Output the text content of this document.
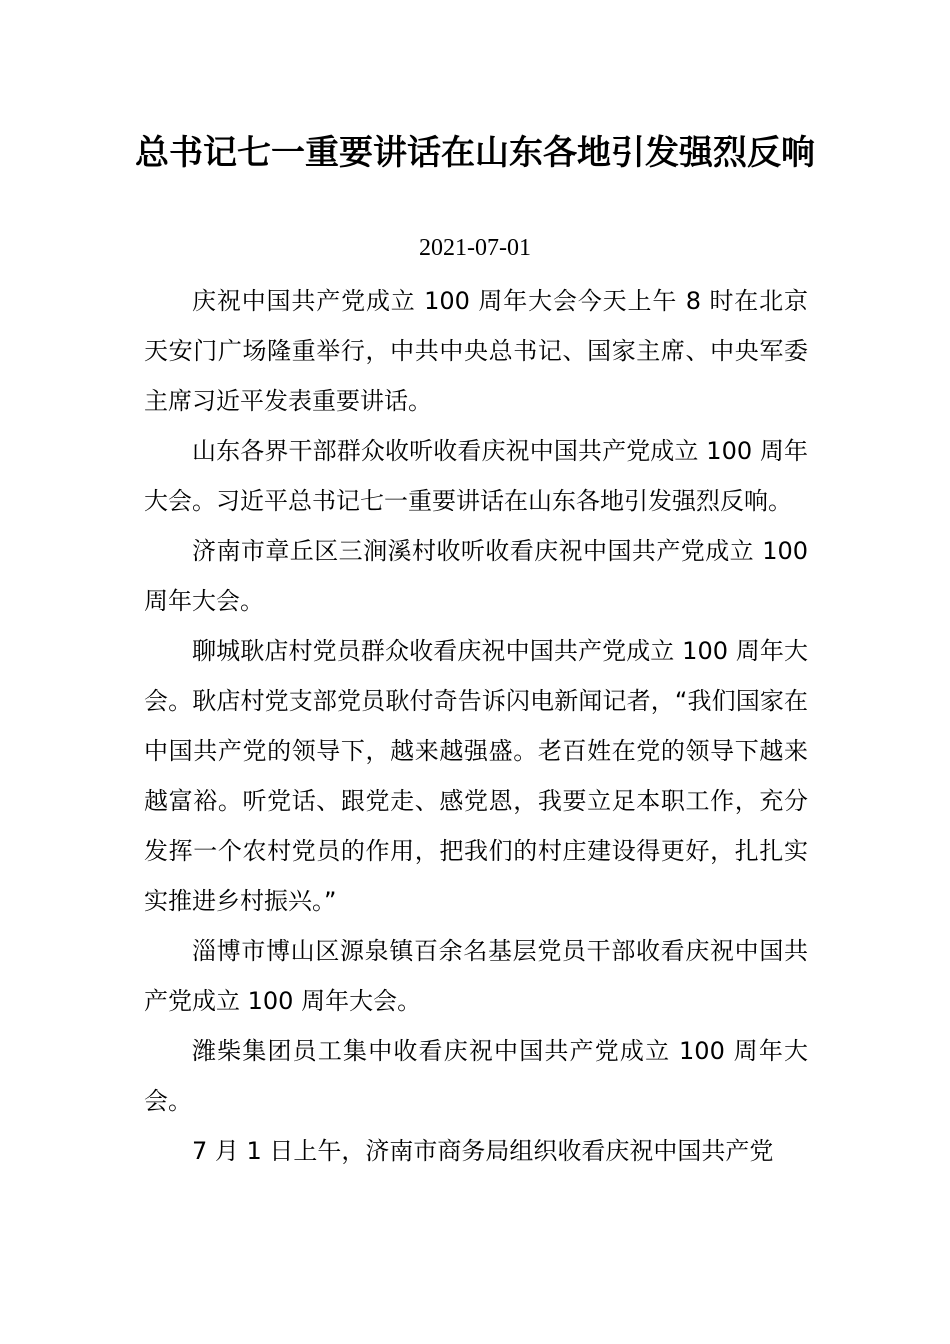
总书记七一重要讲话在山东各地引发强烈反响
2021-07-01

庆祝中国共产党成立 100 周年大会今天上午 8 时在北京天安门广场隆重举行，中共中央总书记、国家主席、中央军委主席习近平发表重要讲话。

山东各界干部群众收听收看庆祝中国共产党成立 100 周年大会。习近平总书记七一重要讲话在山东各地引发强烈反响。

济南市章丘区三涧溪村收听收看庆祝中国共产党成立 100 周年大会。

聊城耿店村党员群众收看庆祝中国共产党成立 100 周年大会。耿店村党支部党员耿付奇告诉闪电新闻记者，“我们国家在中国共产党的领导下，越来越强盛。老百姓在党的领导下越来越富裕。听党话、跟党走、感党恩，我要立足本职工作，充分发挥一个农村党员的作用，把我们的村庄建设得更好，扎扎实实推进乡村振兴。”

淄博市博山区源泉镇百余名基层党员干部收看庆祝中国共产党成立 100 周年大会。

潍柴集团员工集中收看庆祝中国共产党成立 100 周年大会。

7 月 1 日上午，济南市商务局组织收看庆祝中国共产党
